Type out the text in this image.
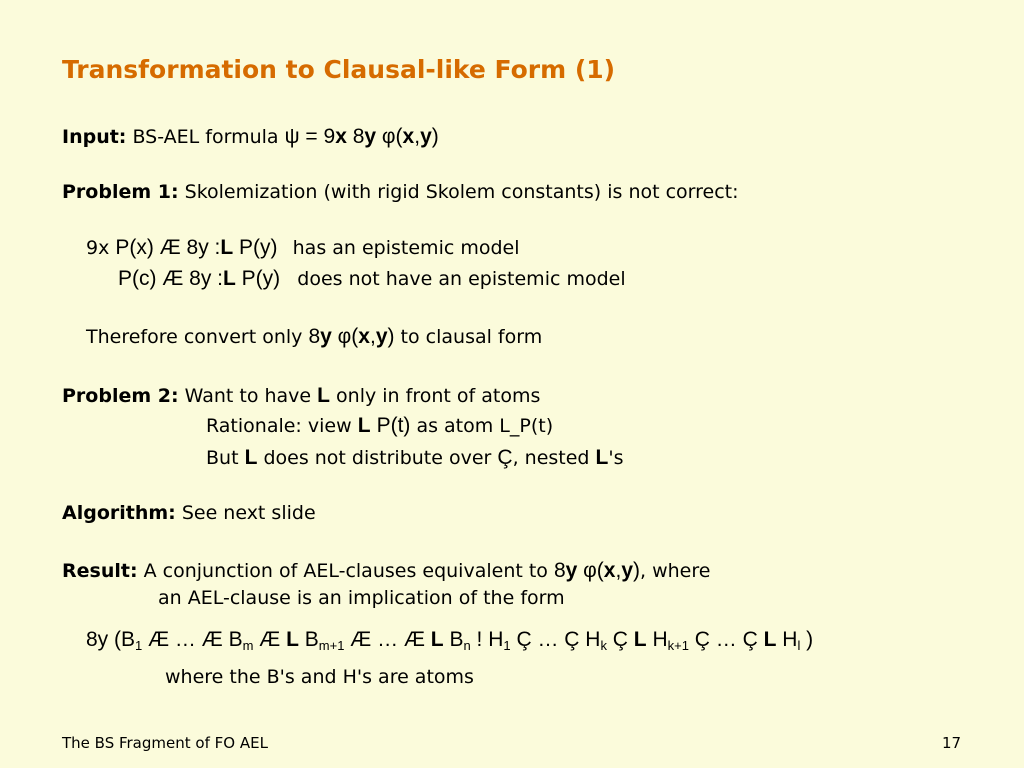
Transformation to Clausal-like Form (1)
Input: BS-AEL formula ψ = 9x 8y φ(x,y)
Problem 1: Skolemization (with rigid Skolem constants) is not correct:
9x P(x) Æ 8y :L P(y) has an epistemic model
P(c) Æ 8y :L P(y) does not have an epistemic model
Therefore convert only 8y φ(x,y) to clausal form
Problem 2: Want to have L only in front of atoms
Rationale: view L P(t) as atom L_P(t)
But L does not distribute over Ç, nested L's
Algorithm: See next slide
Result: A conjunction of AEL-clauses equivalent to 8y φ(x,y), where
an AEL-clause is an implication of the form
8y ($B_1$ Æ … Æ $B_m$ Æ L $B_{m+1}$ Æ … Æ L $B_n$ ! $H_1$ Ç … Ç $H_k$ Ç L $H_{k+1}$ Ç … Ç L $H_l$ )
where the B's and H's are atoms
The BS Fragment of FO AEL	17
